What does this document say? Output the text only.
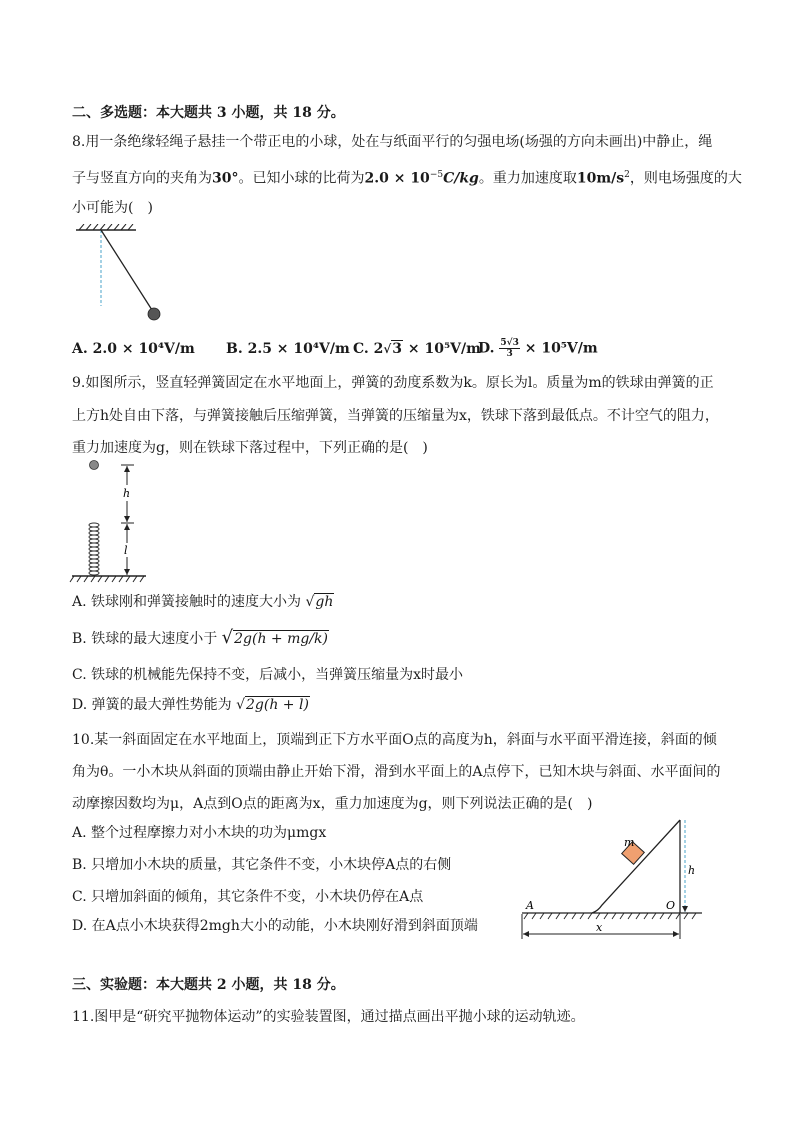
二、多选题：本大题共 3 小题，共 18 分。
8.用一条绝缘轻绳子悬挂一个带正电的小球，处在与纸面平行的匀强电场(场强的方向未画出)中静止，绳
子与竖直方向的夹角为30°。已知小球的比荷为$2.0 \times 10^{-5}C/kg$。重力加速度取$10m/s^2$，则电场强度的大
小可能为(　)
A. 2.0 × 10⁴V/m B. 2.5 × 10⁴V/m C. 2√3 × 10⁵V/m
D. $\frac{5√3}{3} \times 10^5V/m$
9.如图所示，竖直轻弹簧固定在水平地面上，弹簧的劲度系数为k。原长为l。质量为m的铁球由弹簧的正
上方h处自由下落，与弹簧接触后压缩弹簧，当弹簧的压缩量为x，铁球下落到最低点。不计空气的阻力，
重力加速度为g，则在铁球下落过程中，下列正确的是(　)
h
l
A. 铁球刚和弹簧接触时的速度大小为 √gh
B. 铁球的最大速度小于 √2g(h + mg/k)
C. 铁球的机械能先保持不变，后减小，当弹簧压缩量为x时最小
D. 弹簧的最大弹性势能为 √2g(h + l)
10.某一斜面固定在水平地面上，顶端到正下方水平面O点的高度为h，斜面与水平面平滑连接，斜面的倾
角为θ。一小木块从斜面的顶端由静止开始下滑，滑到水平面上的A点停下，已知木块与斜面、水平面间的
动摩擦因数均为μ，A点到O点的距离为x，重力加速度为g，则下列说法正确的是(　)
A. 整个过程摩擦力对小木块的功为μmgx
B. 只增加小木块的质量，其它条件不变，小木块停A点的右侧
C. 只增加斜面的倾角，其它条件不变，小木块仍停在A点
D. 在A点小木块获得2mgh大小的动能，小木块刚好滑到斜面顶端
h
m
A	O
x
三、实验题：本大题共 2 小题，共 18 分。
11.图甲是“研究平抛物体运动”的实验装置图，通过描点画出平抛小球的运动轨迹。
